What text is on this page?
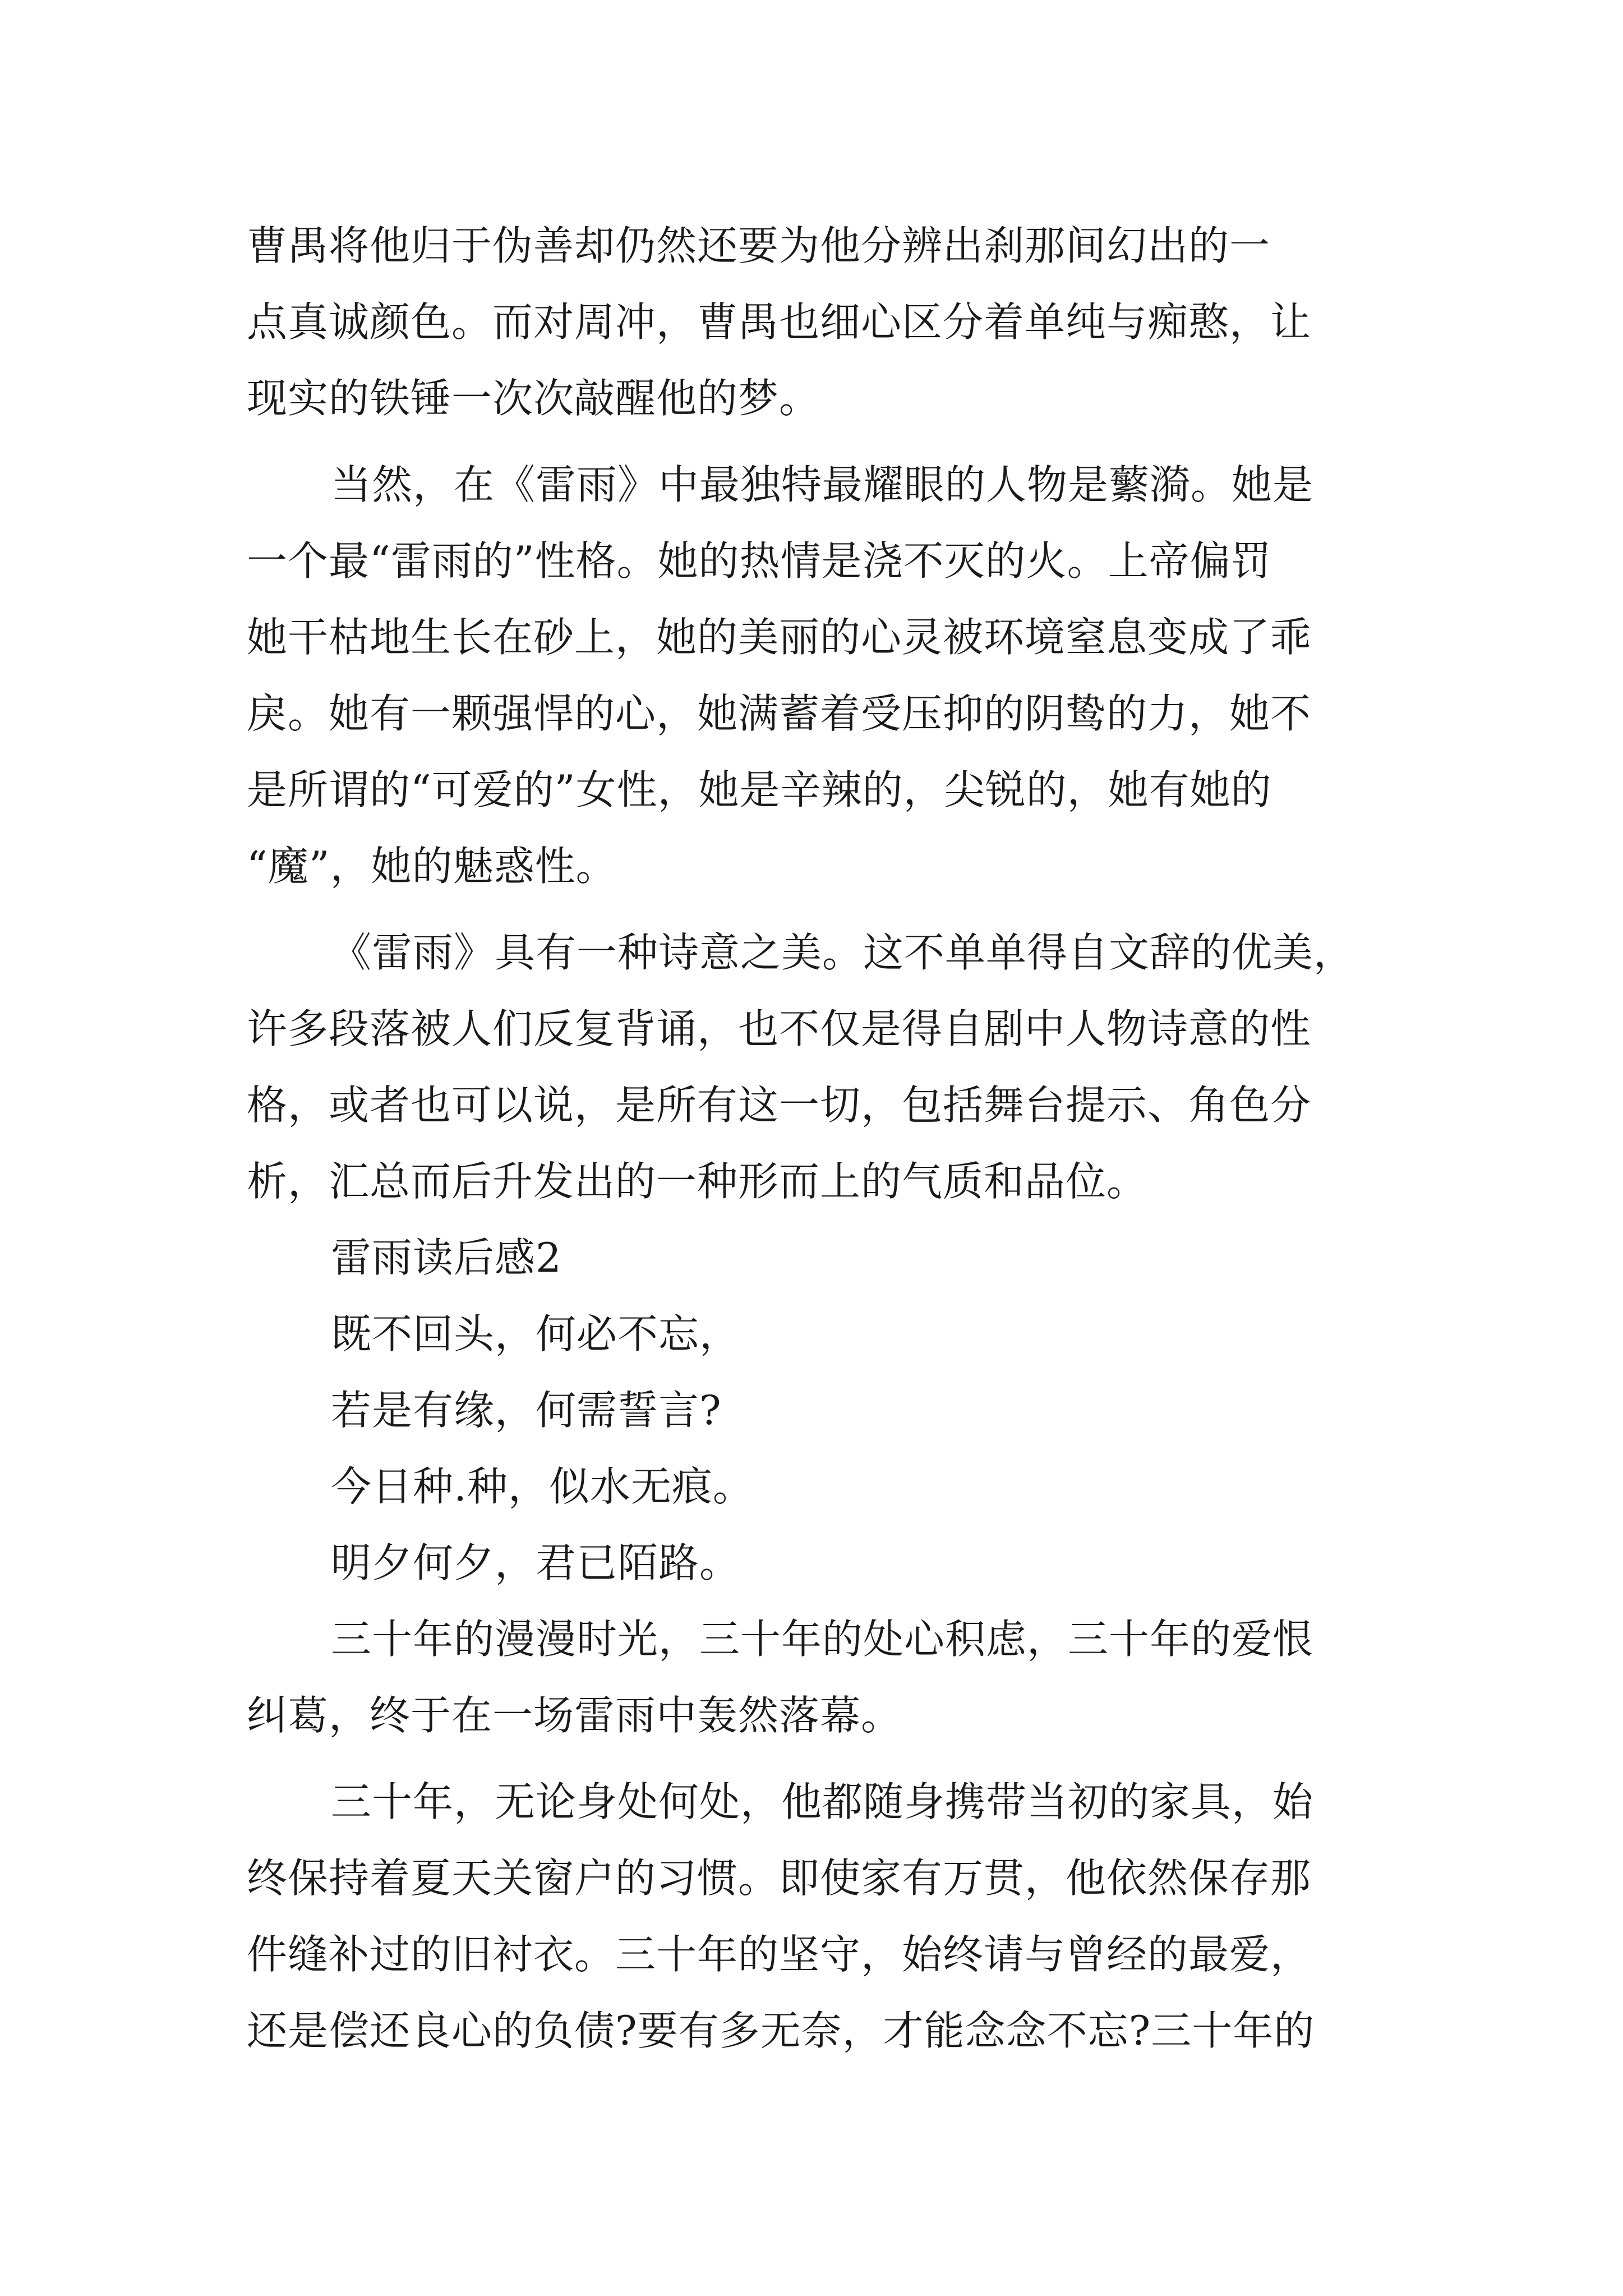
曹禺将他归于伪善却仍然还要为他分辨出刹那间幻出的一
点真诚颜色。而对周冲，曹禺也细心区分着单纯与痴憨，让
现实的铁锤一次次敲醒他的梦。
当然，在《雷雨》中最独特最耀眼的人物是蘩漪。她是
一个最“雷雨的”性格。她的热情是浇不灭的火。上帝偏罚
她干枯地生长在砂上，她的美丽的心灵被环境窒息变成了乖
戾。她有一颗强悍的心，她满蓄着受压抑的阴鸷的力，她不
是所谓的“可爱的”女性，她是辛辣的，尖锐的，她有她的
“魔”，她的魅惑性。
《雷雨》具有一种诗意之美。这不单单得自文辞的优美，
许多段落被人们反复背诵，也不仅是得自剧中人物诗意的性
格，或者也可以说，是所有这一切，包括舞台提示、角色分
析，汇总而后升发出的一种形而上的气质和品位。
雷雨读后感2
既不回头，何必不忘，
若是有缘，何需誓言?
今日种.种，似水无痕。
明夕何夕，君已陌路。
三十年的漫漫时光，三十年的处心积虑，三十年的爱恨
纠葛，终于在一场雷雨中轰然落幕。
三十年，无论身处何处，他都随身携带当初的家具，始
终保持着夏天关窗户的习惯。即使家有万贯，他依然保存那
件缝补过的旧衬衣。三十年的坚守，始终请与曾经的最爱，
还是偿还良心的负债?要有多无奈，才能念念不忘?三十年的
